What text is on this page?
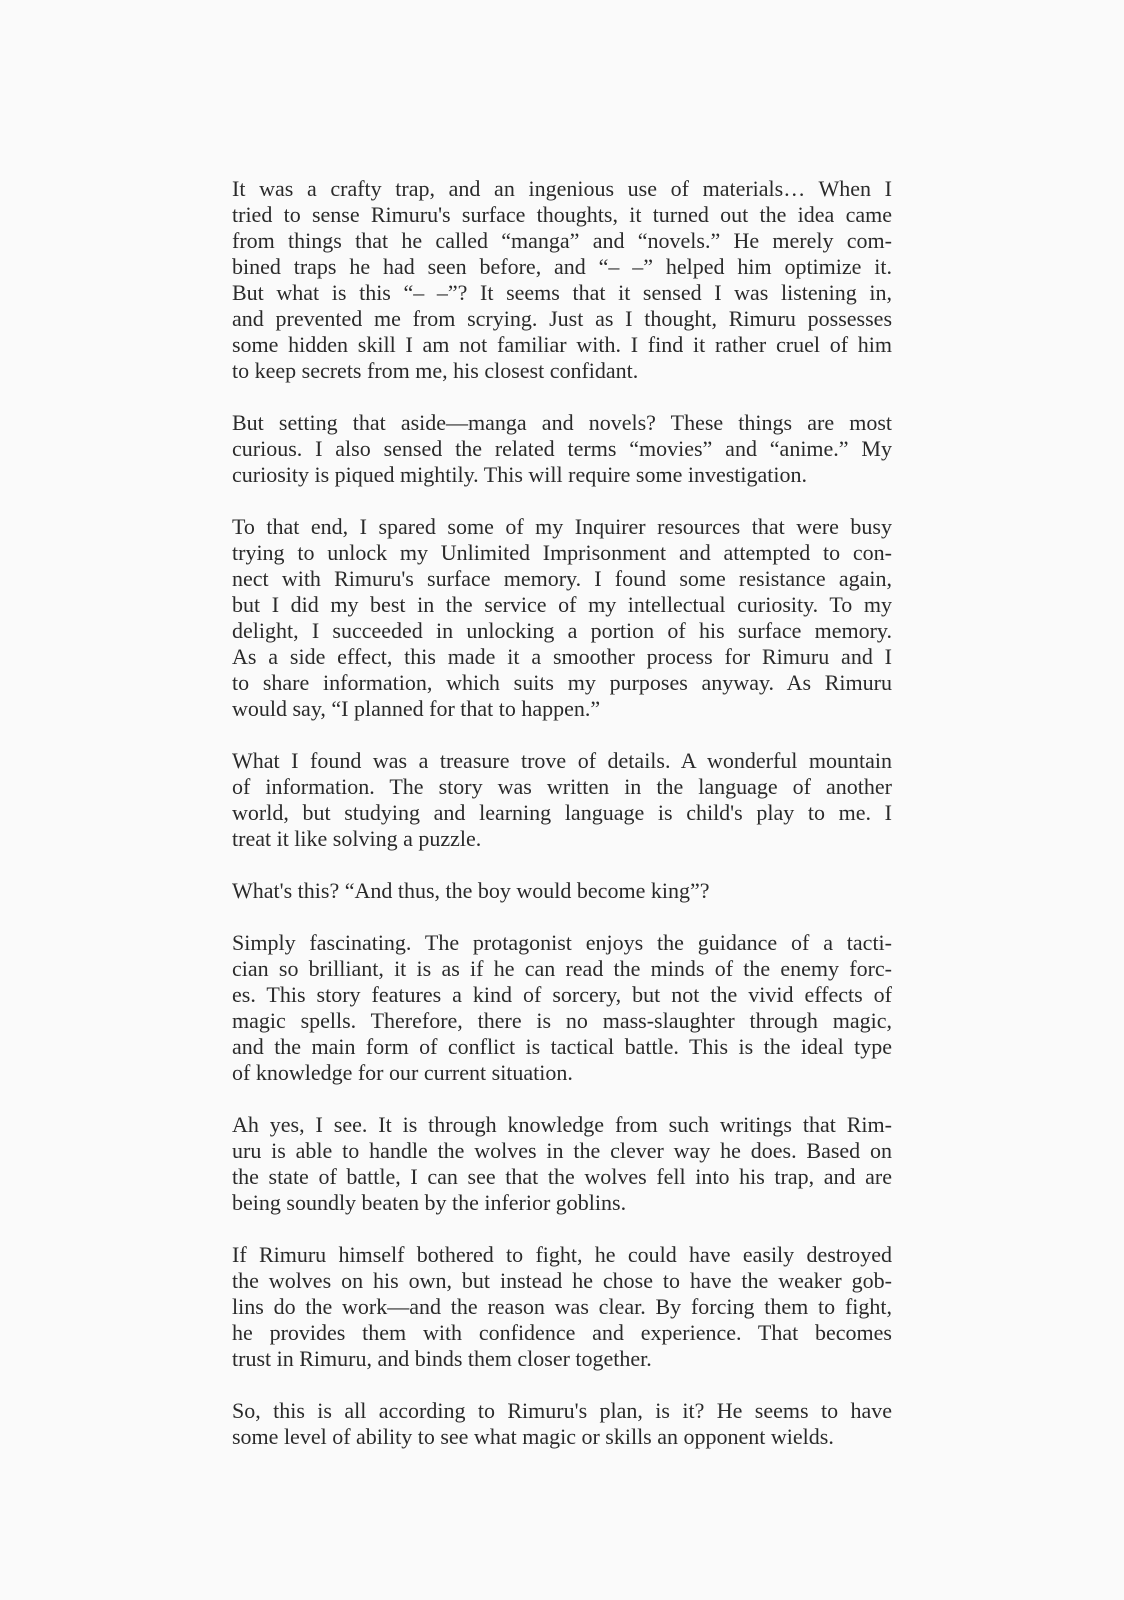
It was a crafty trap, and an ingenious use of materials… When I
tried to sense Rimuru's surface thoughts, it turned out the idea came
from things that he called “manga” and “novels.” He merely com-
bined traps he had seen before, and “– –” helped him optimize it.
But what is this “– –”? It seems that it sensed I was listening in,
and prevented me from scrying. Just as I thought, Rimuru possesses
some hidden skill I am not familiar with. I find it rather cruel of him
to keep secrets from me, his closest confidant.
But setting that aside—manga and novels? These things are most
curious. I also sensed the related terms “movies” and “anime.” My
curiosity is piqued mightily. This will require some investigation.
To that end, I spared some of my Inquirer resources that were busy
trying to unlock my Unlimited Imprisonment and attempted to con-
nect with Rimuru's surface memory. I found some resistance again,
but I did my best in the service of my intellectual curiosity. To my
delight, I succeeded in unlocking a portion of his surface memory.
As a side effect, this made it a smoother process for Rimuru and I
to share information, which suits my purposes anyway. As Rimuru
would say, “I planned for that to happen.”
What I found was a treasure trove of details. A wonderful mountain
of information. The story was written in the language of another
world, but studying and learning language is child's play to me. I
treat it like solving a puzzle.
What's this? “And thus, the boy would become king”?
Simply fascinating. The protagonist enjoys the guidance of a tacti-
cian so brilliant, it is as if he can read the minds of the enemy forc-
es. This story features a kind of sorcery, but not the vivid effects of
magic spells. Therefore, there is no mass-slaughter through magic,
and the main form of conflict is tactical battle. This is the ideal type
of knowledge for our current situation.
Ah yes, I see. It is through knowledge from such writings that Rim-
uru is able to handle the wolves in the clever way he does. Based on
the state of battle, I can see that the wolves fell into his trap, and are
being soundly beaten by the inferior goblins.
If Rimuru himself bothered to fight, he could have easily destroyed
the wolves on his own, but instead he chose to have the weaker gob-
lins do the work—and the reason was clear. By forcing them to fight,
he provides them with confidence and experience. That becomes
trust in Rimuru, and binds them closer together.
So, this is all according to Rimuru's plan, is it? He seems to have
some level of ability to see what magic or skills an opponent wields.
